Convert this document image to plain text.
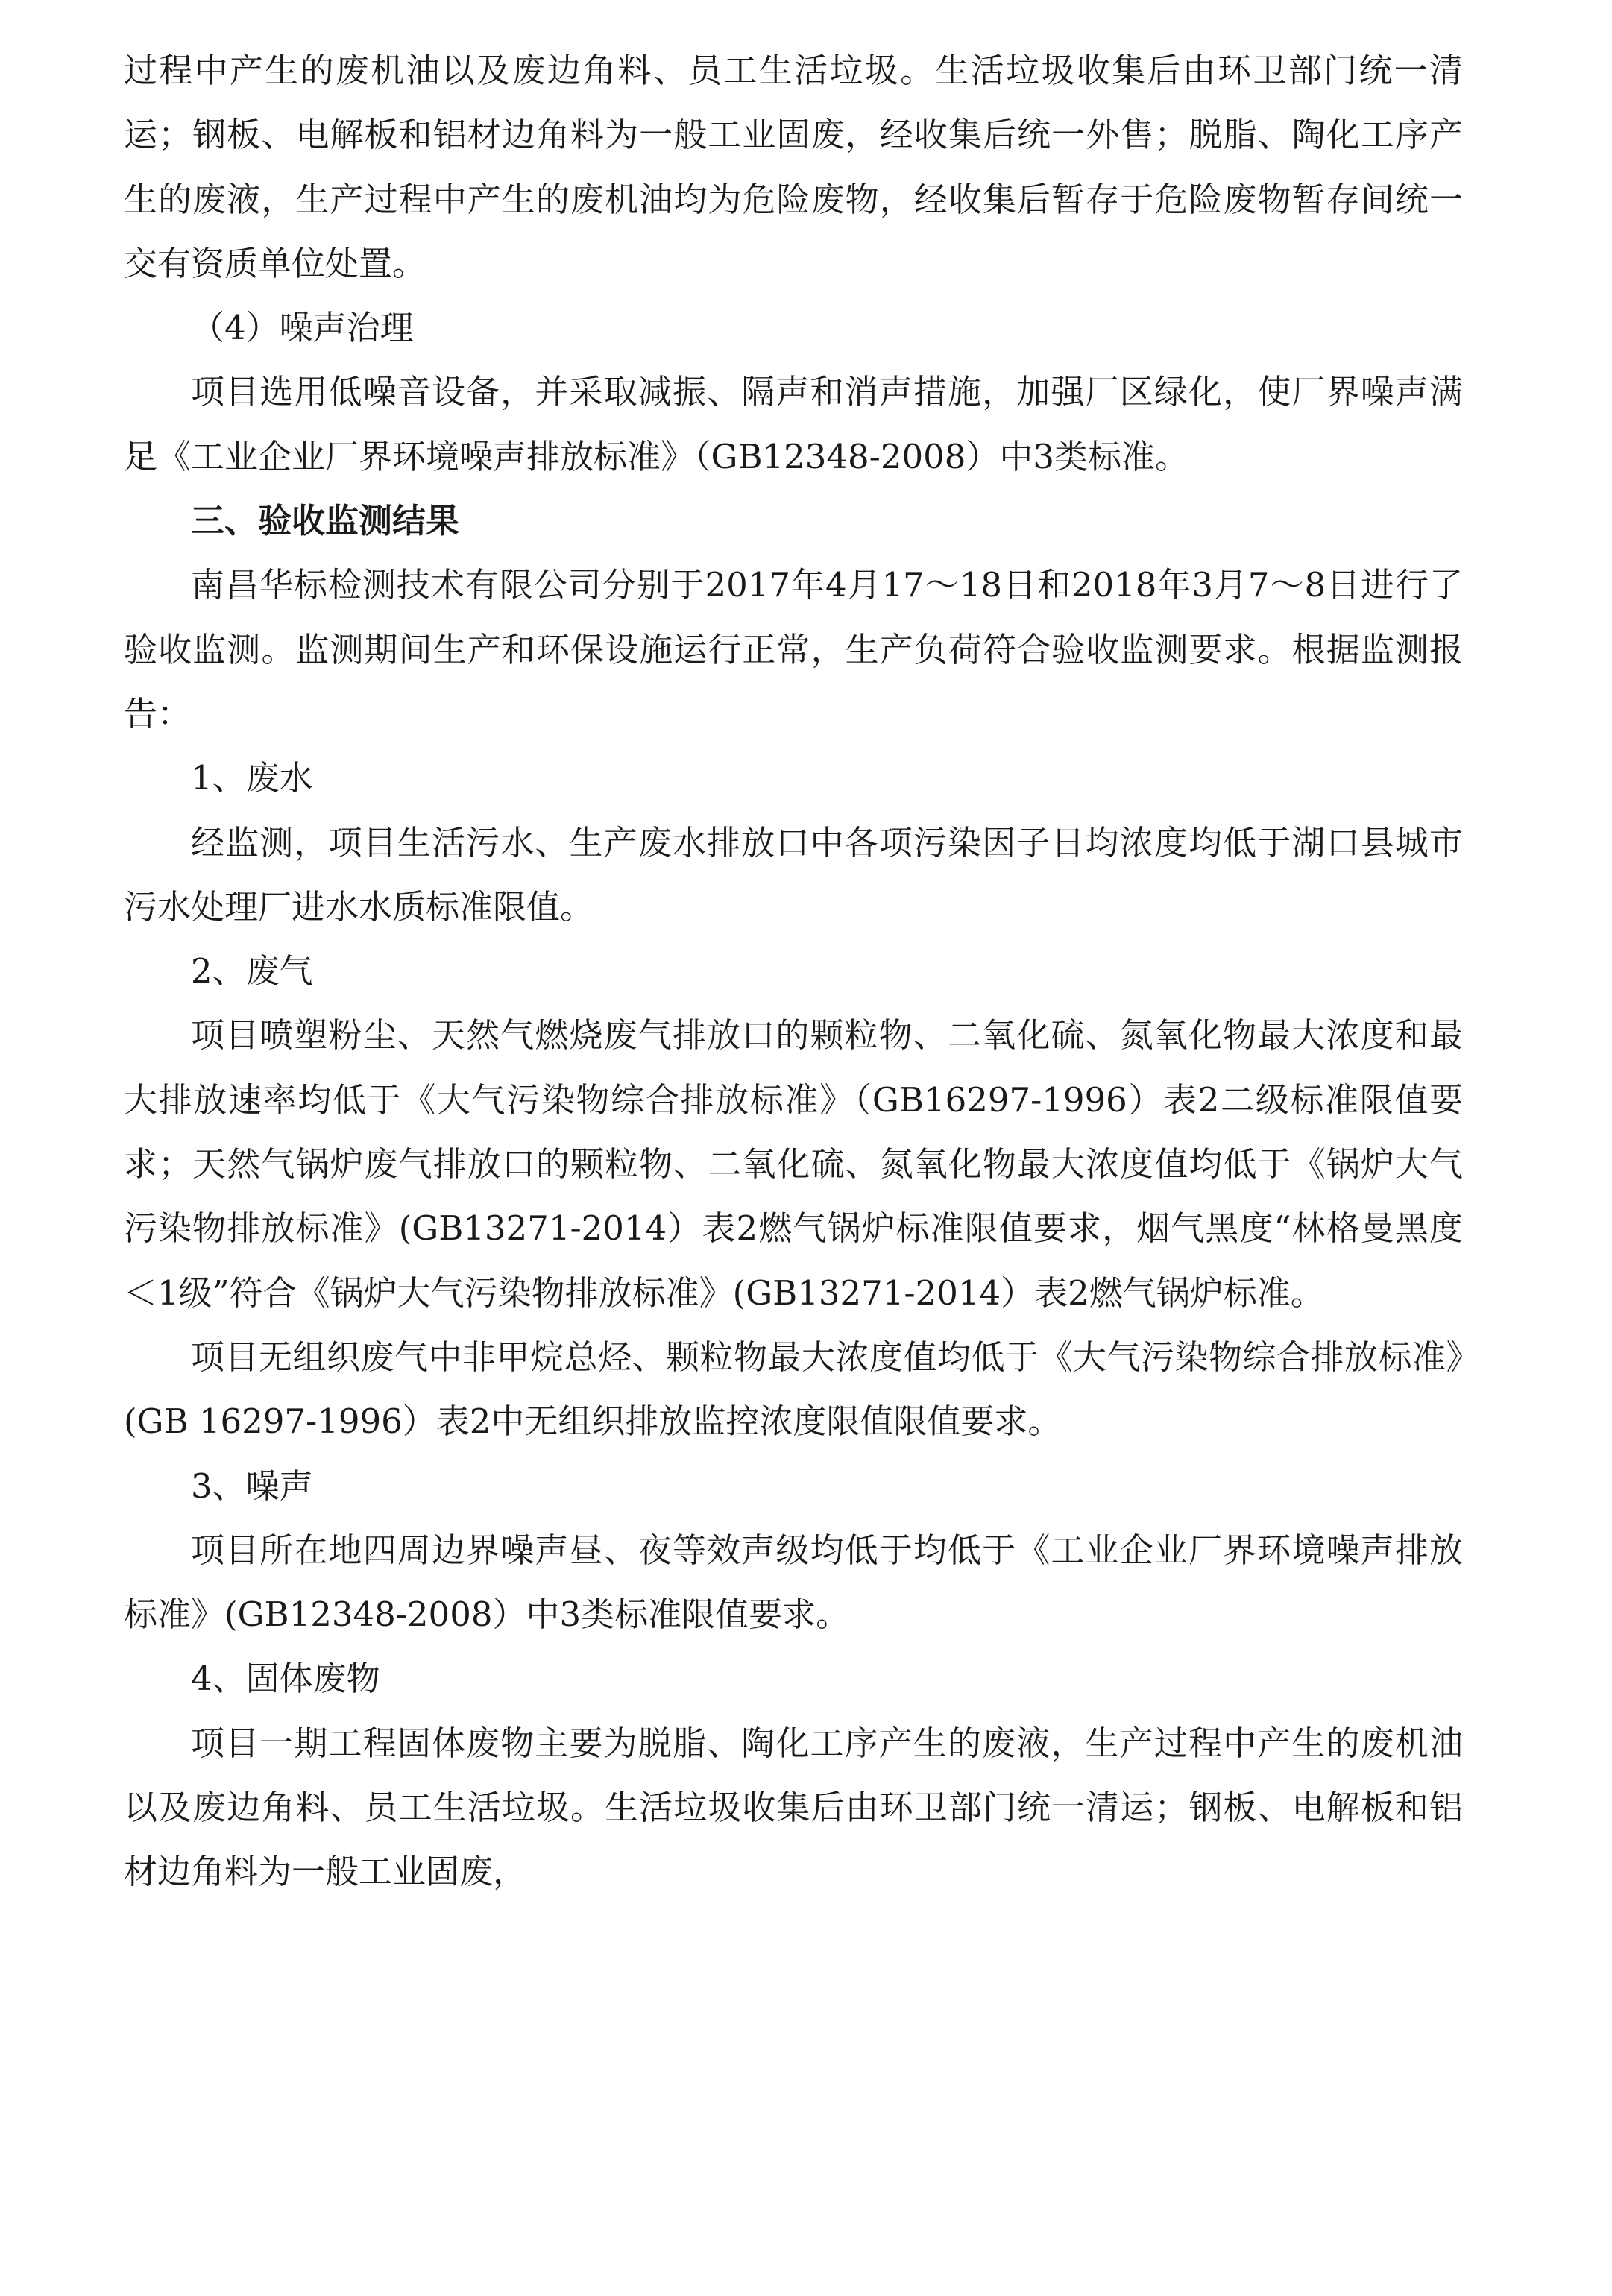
过程中产生的废机油以及废边角料、员工生活垃圾。生活垃圾收集后由环卫部门统一清运；钢板、电解板和铝材边角料为一般工业固废，经收集后统一外售；脱脂、陶化工序产生的废液，生产过程中产生的废机油均为危险废物，经收集后暂存于危险废物暂存间统一交有资质单位处置。

（4）噪声治理

项目选用低噪音设备，并采取减振、隔声和消声措施，加强厂区绿化，使厂界噪声满足《工业企业厂界环境噪声排放标准》（GB12348-2008）中3类标准。

三、验收监测结果

南昌华标检测技术有限公司分别于2017年4月17～18日和2018年3月7～8日进行了验收监测。监测期间生产和环保设施运行正常，生产负荷符合验收监测要求。根据监测报告：

1、废水

经监测，项目生活污水、生产废水排放口中各项污染因子日均浓度均低于湖口县城市污水处理厂进水水质标准限值。

2、废气

项目喷塑粉尘、天然气燃烧废气排放口的颗粒物、二氧化硫、氮氧化物最大浓度和最大排放速率均低于《大气污染物综合排放标准》（GB16297-1996）表2二级标准限值要求；天然气锅炉废气排放口的颗粒物、二氧化硫、氮氧化物最大浓度值均低于《锅炉大气污染物排放标准》(GB13271-2014）表2燃气锅炉标准限值要求，烟气黑度“林格曼黑度＜1级”符合《锅炉大气污染物排放标准》(GB13271-2014）表2燃气锅炉标准。

项目无组织废气中非甲烷总烃、颗粒物最大浓度值均低于《大气污染物综合排放标准》(GB 16297-1996）表2中无组织排放监控浓度限值限值要求。

3、噪声

项目所在地四周边界噪声昼、夜等效声级均低于均低于《工业企业厂界环境噪声排放标准》(GB12348-2008）中3类标准限值要求。

4、固体废物

项目一期工程固体废物主要为脱脂、陶化工序产生的废液，生产过程中产生的废机油以及废边角料、员工生活垃圾。生活垃圾收集后由环卫部门统一清运；钢板、电解板和铝材边角料为一般工业固废，
